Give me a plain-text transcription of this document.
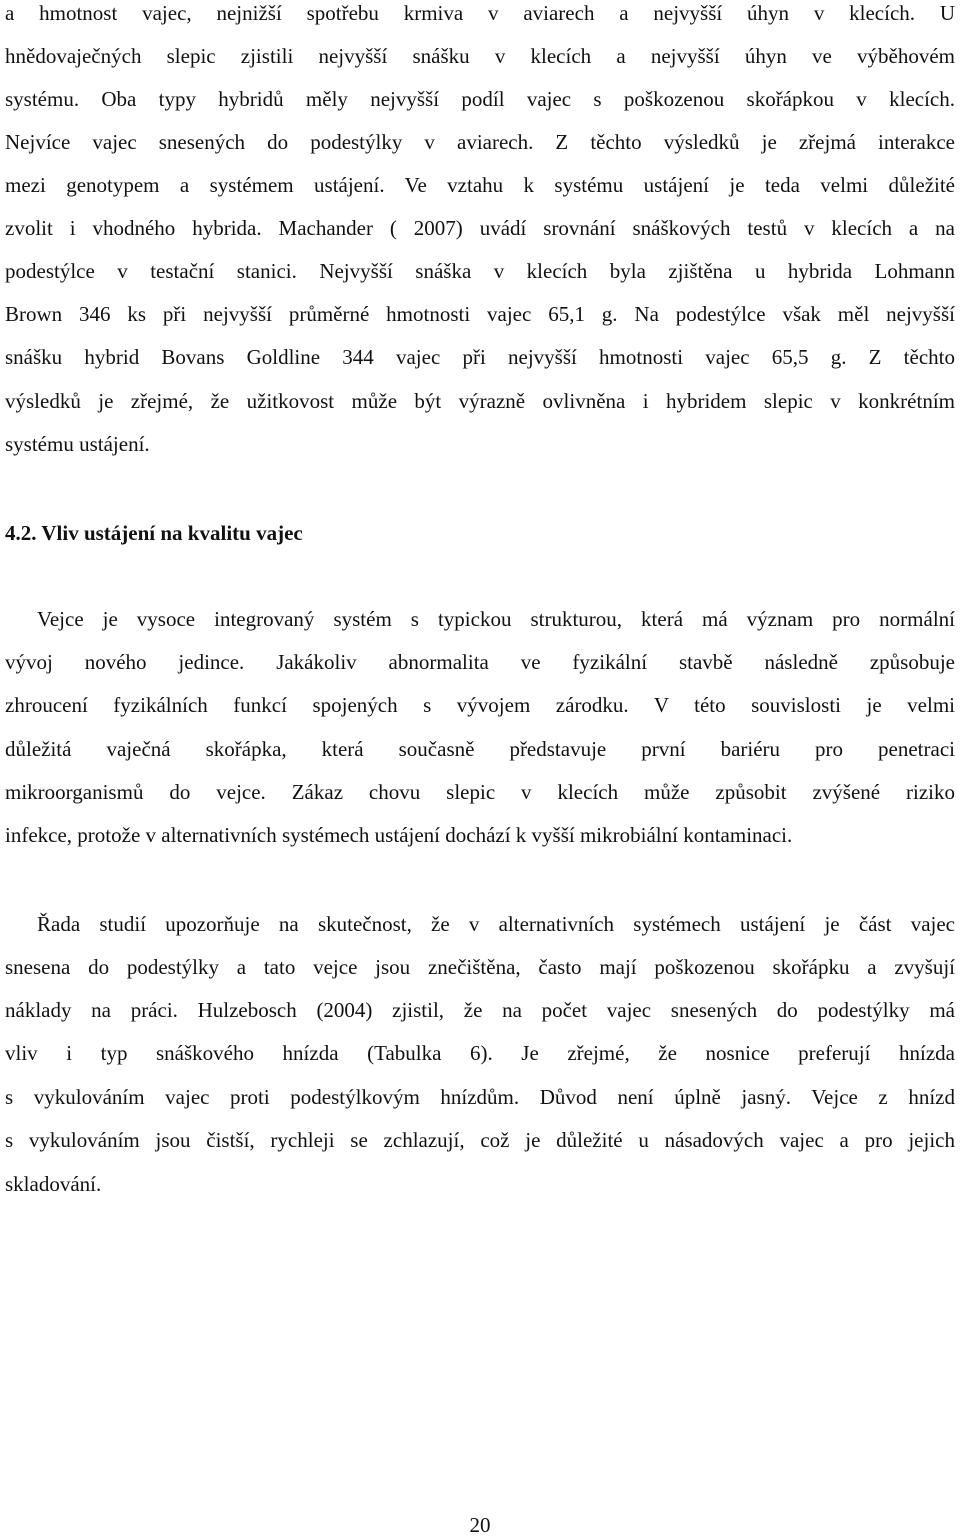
a hmotnost vajec, nejnižší spotřebu krmiva v aviarech a nejvyšší úhyn v klecích. U
hnědovaječných slepic zjistili nejvyšší snášku v klecích a nejvyšší úhyn ve výběhovém
systému. Oba typy hybridů měly nejvyšší podíl vajec s poškozenou skořápkou v klecích.
Nejvíce vajec snesených do podestýlky v aviarech. Z těchto výsledků je zřejmá interakce
mezi genotypem a systémem ustájení. Ve vztahu k systému ustájení je teda velmi důležité
zvolit i vhodného hybrida. Machander ( 2007) uvádí srovnání snáškových testů v klecích a na
podestýlce v testační stanici. Nejvyšší snáška v klecích byla zjištěna u hybrida Lohmann
Brown 346 ks při nejvyšší průměrné hmotnosti vajec 65,1 g. Na podestýlce však měl nejvyšší
snášku hybrid Bovans Goldline 344 vajec při nejvyšší hmotnosti vajec 65,5 g. Z těchto
výsledků je zřejmé, že užitkovost může být výrazně ovlivněna i hybridem slepic v konkrétním
systému ustájení.
4.2. Vliv ustájení na kvalitu vajec
Vejce je vysoce integrovaný systém s typickou strukturou, která má význam pro normální
vývoj nového jedince. Jakákoliv abnormalita ve fyzikální stavbě následně způsobuje
zhroucení fyzikálních funkcí spojených s vývojem zárodku. V této souvislosti je velmi
důležitá vaječná skořápka, která současně představuje první bariéru pro penetraci
mikroorganismů do vejce. Zákaz chovu slepic v klecích může způsobit zvýšené riziko
infekce, protože v alternativních systémech ustájení dochází k vyšší mikrobiální kontaminaci.
Řada studií upozorňuje na skutečnost, že v alternativních systémech ustájení je část vajec
snesena do podestýlky a tato vejce jsou znečištěna, často mají poškozenou skořápku a zvyšují
náklady na práci. Hulzebosch (2004) zjistil, že na počet vajec snesených do podestýlky má
vliv i typ snáškového hnízda (Tabulka 6). Je zřejmé, že nosnice preferují hnízda
s vykulováním vajec proti podestýlkovým hnízdům. Důvod není úplně jasný. Vejce z hnízd
s vykulováním jsou čistší, rychleji se zchlazují, což je důležité u násadových vajec a pro jejich
skladování.
20
